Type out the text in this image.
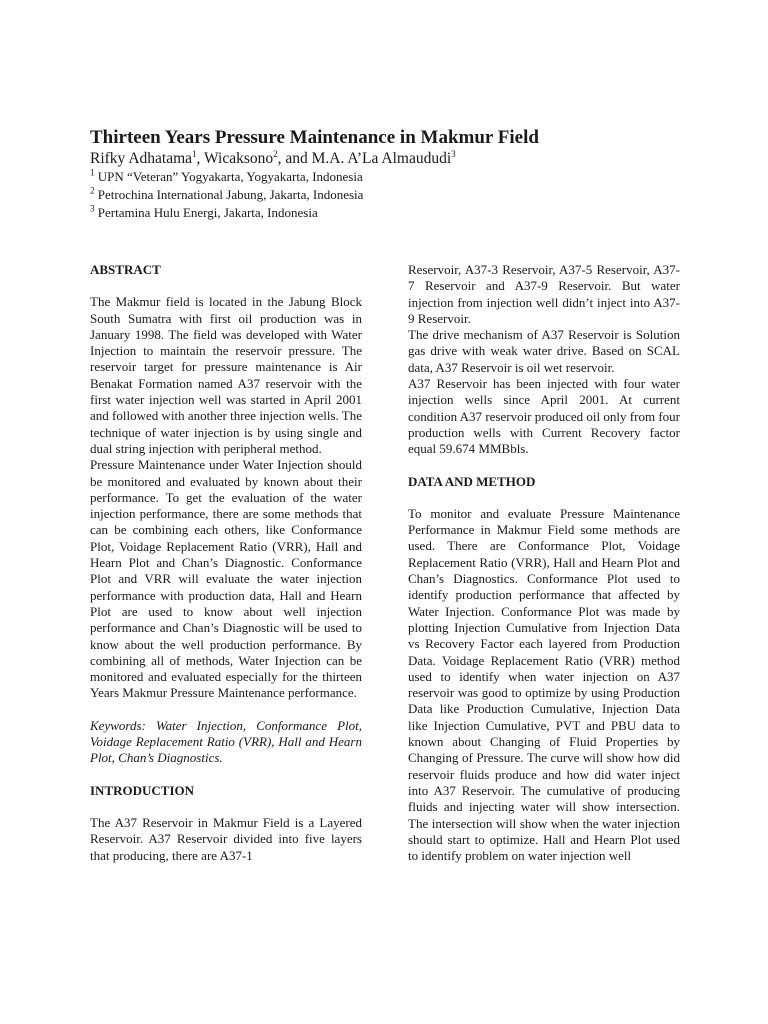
Thirteen Years Pressure Maintenance in Makmur Field
Rifky Adhatama$^1$, Wicaksono$^2$, and M.A. A’La Almaududi$^3$
$^1$ UPN “Veteran” Yogyakarta, Yogyakarta, Indonesia
$^2$ Petrochina International Jabung, Jakarta, Indonesia
$^3$ Pertamina Hulu Energi, Jakarta, Indonesia
ABSTRACT

The Makmur field is located in the Jabung Block South Sumatra with first oil production was in January 1998. The field was developed with Water Injection to maintain the reservoir pressure. The reservoir target for pressure maintenance is Air Benakat Formation named A37 reservoir with the first water injection well was started in April 2001 and followed with another three injection wells. The technique of water injection is by using single and dual string injection with peripheral method.

Pressure Maintenance under Water Injection should be monitored and evaluated by known about their performance. To get the evaluation of the water injection performance, there are some methods that can be combining each others, like Conformance Plot, Voidage Replacement Ratio (VRR), Hall and Hearn Plot and Chan’s Diagnostic. Conformance Plot and VRR will evaluate the water injection performance with production data, Hall and Hearn Plot are used to know about well injection performance and Chan’s Diagnostic will be used to know about the well production performance. By combining all of methods, Water Injection can be monitored and evaluated especially for the thirteen Years Makmur Pressure Maintenance performance.

Keywords: Water Injection, Conformance Plot, Voidage Replacement Ratio (VRR), Hall and Hearn Plot, Chan’s Diagnostics.

INTRODUCTION

The A37 Reservoir in Makmur Field is a Layered Reservoir. A37 Reservoir divided into five layers that producing, there are A37-1

Reservoir, A37-3 Reservoir, A37-5 Reservoir, A37-7 Reservoir and A37-9 Reservoir. But water injection from injection well didn’t inject into A37-9 Reservoir.

The drive mechanism of A37 Reservoir is Solution gas drive with weak water drive. Based on SCAL data, A37 Reservoir is oil wet reservoir.

A37 Reservoir has been injected with four water injection wells since April 2001. At current condition A37 reservoir produced oil only from four production wells with Current Recovery factor equal 59.674 MMBbls.

DATA AND METHOD

To monitor and evaluate Pressure Maintenance Performance in Makmur Field some methods are used. There are Conformance Plot, Voidage Replacement Ratio (VRR), Hall and Hearn Plot and Chan’s Diagnostics. Conformance Plot used to identify production performance that affected by Water Injection. Conformance Plot was made by plotting Injection Cumulative from Injection Data vs Recovery Factor each layered from Production Data. Voidage Replacement Ratio (VRR) method used to identify when water injection on A37 reservoir was good to optimize by using Production Data like Production Cumulative, Injection Data like Injection Cumulative, PVT and PBU data to known about Changing of Fluid Properties by Changing of Pressure. The curve will show how did reservoir fluids produce and how did water inject into A37 Reservoir. The cumulative of producing fluids and injecting water will show intersection. The intersection will show when the water injection should start to optimize. Hall and Hearn Plot used to identify problem on water injection well
